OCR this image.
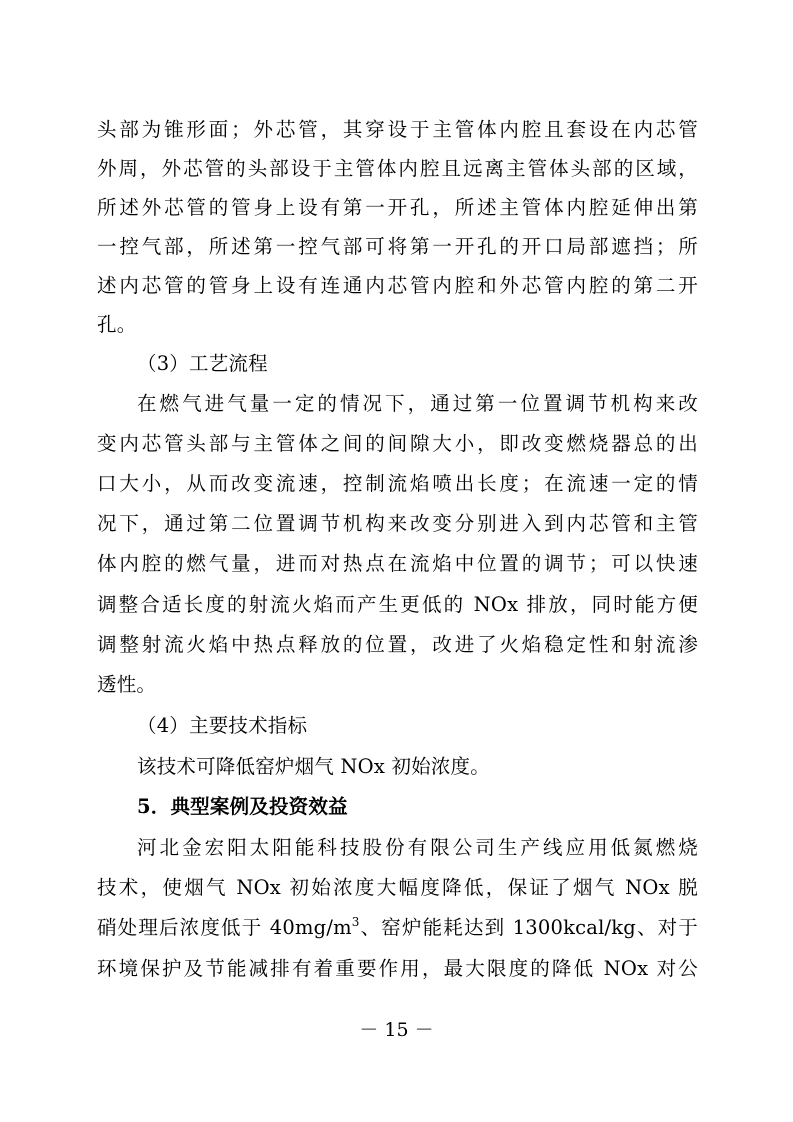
头部为锥形面；外芯管，其穿设于主管体内腔且套设在内芯管
外周，外芯管的头部设于主管体内腔且远离主管体头部的区域，
所述外芯管的管身上设有第一开孔，所述主管体内腔延伸出第
一控气部，所述第一控气部可将第一开孔的开口局部遮挡；所
述内芯管的管身上设有连通内芯管内腔和外芯管内腔的第二开
孔。
（3）工艺流程
在燃气进气量一定的情况下，通过第一位置调节机构来改
变内芯管头部与主管体之间的间隙大小，即改变燃烧器总的出
口大小，从而改变流速，控制流焰喷出长度；在流速一定的情
况下，通过第二位置调节机构来改变分别进入到内芯管和主管
体内腔的燃气量，进而对热点在流焰中位置的调节；可以快速
调整合适长度的射流火焰而产生更低的 NOx 排放，同时能方便
调整射流火焰中热点释放的位置，改进了火焰稳定性和射流渗
透性。
（4）主要技术指标
该技术可降低窑炉烟气 NOx 初始浓度。
5．典型案例及投资效益
河北金宏阳太阳能科技股份有限公司生产线应用低氮燃烧
技术，使烟气 NOx 初始浓度大幅度降低，保证了烟气 NOx 脱
硝处理后浓度低于 $40mg/m^3$、窑炉能耗达到 1300kcal/kg、对于
环境保护及节能减排有着重要作用，最大限度的降低 NOx 对公
－ 15 －
